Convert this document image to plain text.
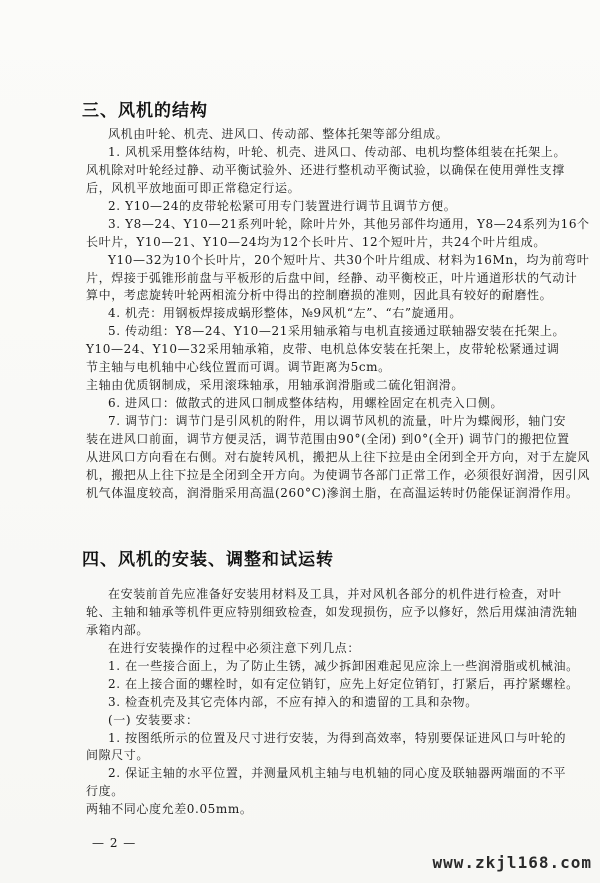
三、风机的结构
风机由叶轮、机壳、进风口、传动部、整体托架等部分组成。
1. 风机采用整体结构，叶轮、机壳、进风口、传动部、电机均整体组装在托架上。
风机除对叶轮经过静、动平衡试验外、还进行整机动平衡试验，以确保在使用弹性支撑
后，风机平放地面可即正常稳定行运。
2. Y10—24的皮带轮松紧可用专门装置进行调节且调节方便。
3. Y8—24、Y10—21系列叶轮，除叶片外，其他另部件均通用，Y8—24系列为16个
长叶片，Y10—21、Y10—24均为12个长叶片、12个短叶片，共24个叶片组成。
Y10—32为10个长叶片，20个短叶片、共30个叶片组成、材料为16Mn，均为前弯叶
片，焊接于弧锥形前盘与平板形的后盘中间，经静、动平衡校正，叶片通道形状的气动计
算中，考虑旋转叶轮两相流分析中得出的控制磨损的准则，因此具有较好的耐磨性。
4. 机壳：用钢板焊接成蜗形整体，№9风机“左”、“右”旋通用。
5. 传动组：Y8—24、Y10—21采用轴承箱与电机直接通过联轴器安装在托架上。
Y10—24、Y10—32采用轴承箱，皮带、电机总体安装在托架上，皮带轮松紧通过调
节主轴与电机轴中心线位置而可调。调节距离为5cm。
主轴由优质钢制成，采用滚珠轴承，用轴承润滑脂或二硫化钼润滑。
6. 进风口：做散式的进风口制成整体结构，用螺栓固定在机壳入口侧。
7. 调节门：调节门是引风机的附件，用以调节风机的流量，叶片为蝶阀形，轴门安
装在进风口前面，调节方便灵活，调节范围由90°(全闭) 到0°(全开) 调节门的搬把位置
从进风口方向看在右侧。对右旋转风机，搬把从上往下拉是由全闭到全开方向，对于左旋风
机，搬把从上往下拉是全闭到全开方向。为使调节各部门正常工作，必须很好润滑，因引风
机气体温度较高，润滑脂采用高温(260°C)滲润土脂，在高温运转时仍能保证润滑作用。
四、风机的安装、调整和试运转
在安装前首先应准备好安装用材料及工具，并对风机各部分的机件进行检查，对叶
轮、主轴和轴承等机件更应特别细致检查，如发现损伤，应予以修好，然后用煤油清洗轴
承箱内部。
在进行安装操作的过程中必须注意下列几点：
1. 在一些接合面上，为了防止生锈，减少拆卸困难起见应涂上一些润滑脂或机械油。
2. 在上接合面的螺栓时，如有定位销钉，应先上好定位销钉，打紧后，再拧紧螺栓。
3. 检查机壳及其它壳体内部，不应有掉入的和遗留的工具和杂物。
(一) 安装要求：
1. 按图纸所示的位置及尺寸进行安装，为得到高效率，特别要保证进风口与叶轮的
间隙尺寸。
2. 保证主轴的水平位置，并测量风机主轴与电机轴的同心度及联轴器两端面的不平
行度。
两轴不同心度允差0.05mm。
— 2 —
www.zkjl168.com
